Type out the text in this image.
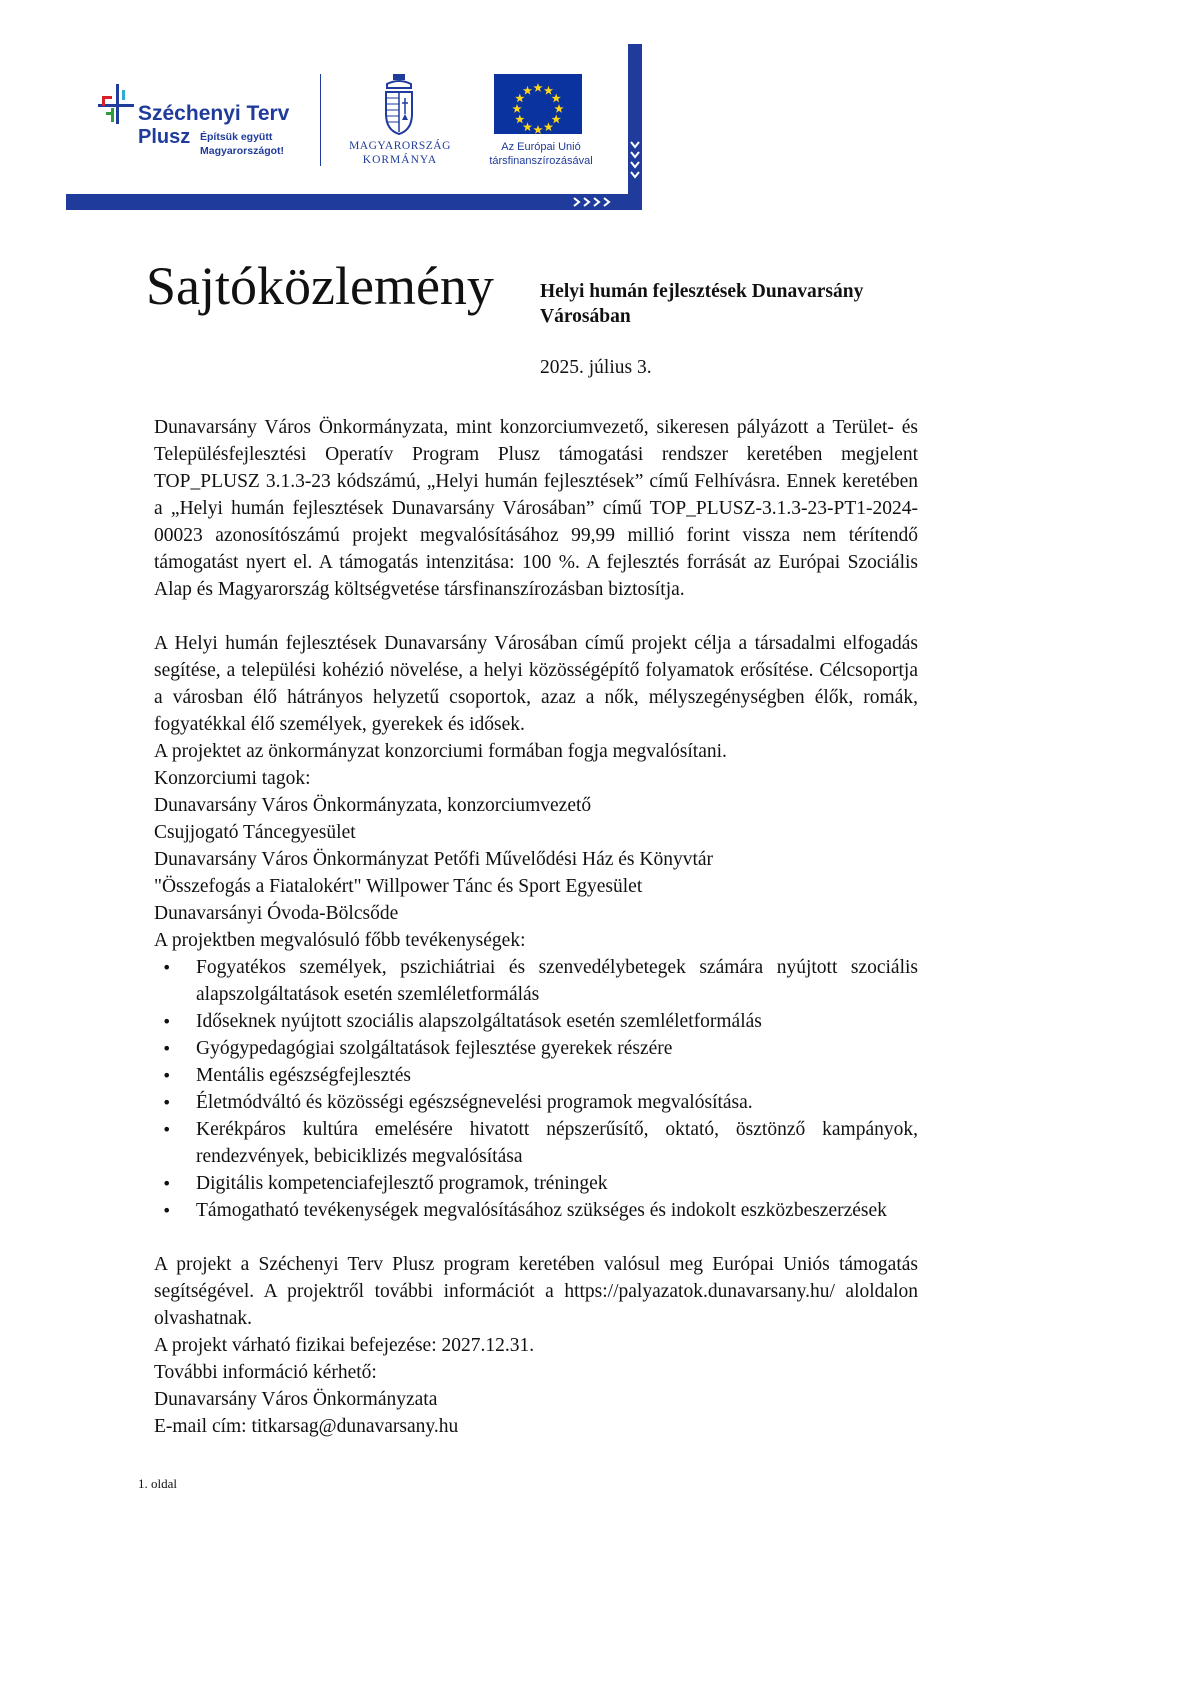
Széchenyi Terv
Plusz Építsük együtt
Magyarországot!	MAGYARORSZÁG
KORMÁNYA
Az Európai Unió
társfinanszírozásával
Sajtóközlemény Helyi humán fejlesztések Dunavarsány Városában
2025. július 3.

Dunavarsány Város Önkormányzata, mint konzorciumvezető, sikeresen pályázott a Terület- és Településfejlesztési Operatív Program Plusz támogatási rendszer keretében megjelent TOP_PLUSZ 3.1.3-23 kódszámú, „Helyi humán fejlesztések” című Felhívásra. Ennek keretében a „Helyi humán fejlesztések Dunavarsány Városában” című TOP_PLUSZ-3.1.3-23-PT1-2024-00023 azonosítószámú projekt megvalósításához 99,99 millió forint vissza nem térítendő támogatást nyert el. A támogatás intenzitása: 100 %. A fejlesztés forrását az Európai Szociális Alap és Magyarország költségvetése társfinanszírozásban biztosítja.

A Helyi humán fejlesztések Dunavarsány Városában című projekt célja a társadalmi elfogadás segítése, a települési kohézió növelése, a helyi közösségépítő folyamatok erősítése. Célcsoportja a városban élő hátrányos helyzetű csoportok, azaz a nők, mélyszegénységben élők, romák, fogyatékkal élő személyek, gyerekek és idősek.

A projektet az önkormányzat konzorciumi formában fogja megvalósítani.

Konzorciumi tagok:

Dunavarsány Város Önkormányzata, konzorciumvezető

Csujjogató Táncegyesület

Dunavarsány Város Önkormányzat Petőfi Művelődési Ház és Könyvtár

"Összefogás a Fiatalokért" Willpower Tánc és Sport Egyesület

Dunavarsányi Óvoda-Bölcsőde

A projektben megvalósuló főbb tevékenységek:

• Fogyatékos személyek, pszichiátriai és szenvedélybetegek számára nyújtott szociális alapszolgáltatások esetén szemléletformálás
• Időseknek nyújtott szociális alapszolgáltatások esetén szemléletformálás
• Gyógypedagógiai szolgáltatások fejlesztése gyerekek részére
• Mentális egészségfejlesztés
• Életmódváltó és közösségi egészségnevelési programok megvalósítása.
• Kerékpáros kultúra emelésére hivatott népszerűsítő, oktató, ösztönző kampányok, rendezvények, bebiciklizés megvalósítása
• Digitális kompetenciafejlesztő programok, tréningek
• Támogatható tevékenységek megvalósításához szükséges és indokolt eszközbeszerzések

A projekt a Széchenyi Terv Plusz program keretében valósul meg Európai Uniós támogatás segítségével. A projektről további információt a https://palyazatok.dunavarsany.hu/ aloldalon olvashatnak.

A projekt várható fizikai befejezése: 2027.12.31.

További információ kérhető:

Dunavarsány Város Önkormányzata

E-mail cím: titkarsag@dunavarsany.hu

1. oldal
